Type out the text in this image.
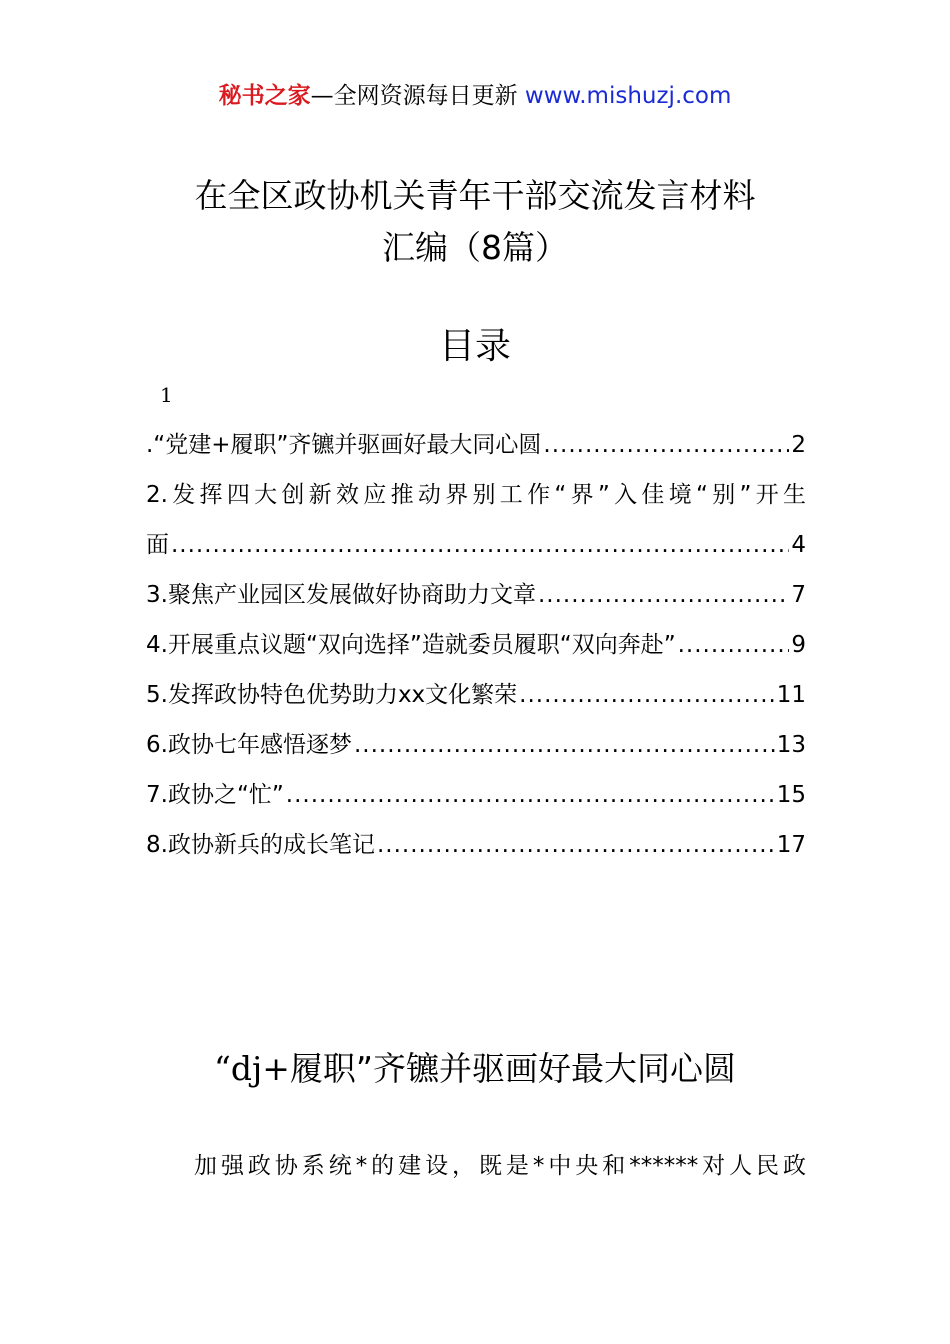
秘书之家—全网资源每日更新 www.mishuzj.com
在全区政协机关青年干部交流发言材料
汇编（8篇）
目录
1
.“党建+履职”齐镳并驱画好最大同心圆 .....	2
2.发挥四大创新效应推动界别工作“界”入佳境“别”开生
面 .....	4
3.聚焦产业园区发展做好协商助力文章 .....	7
4.开展重点议题“双向选择”造就委员履职“双向奔赴” .....	9
5.发挥政协特色优势助力xx文化繁荣 .....	11
6.政协七年感悟逐梦 .....	13
7.政协之“忙” .....	15
8.政协新兵的成长笔记 .....	17
“dj+履职”齐镳并驱画好最大同心圆
加强政协系统*的建设，既是*中央和******对人民政
